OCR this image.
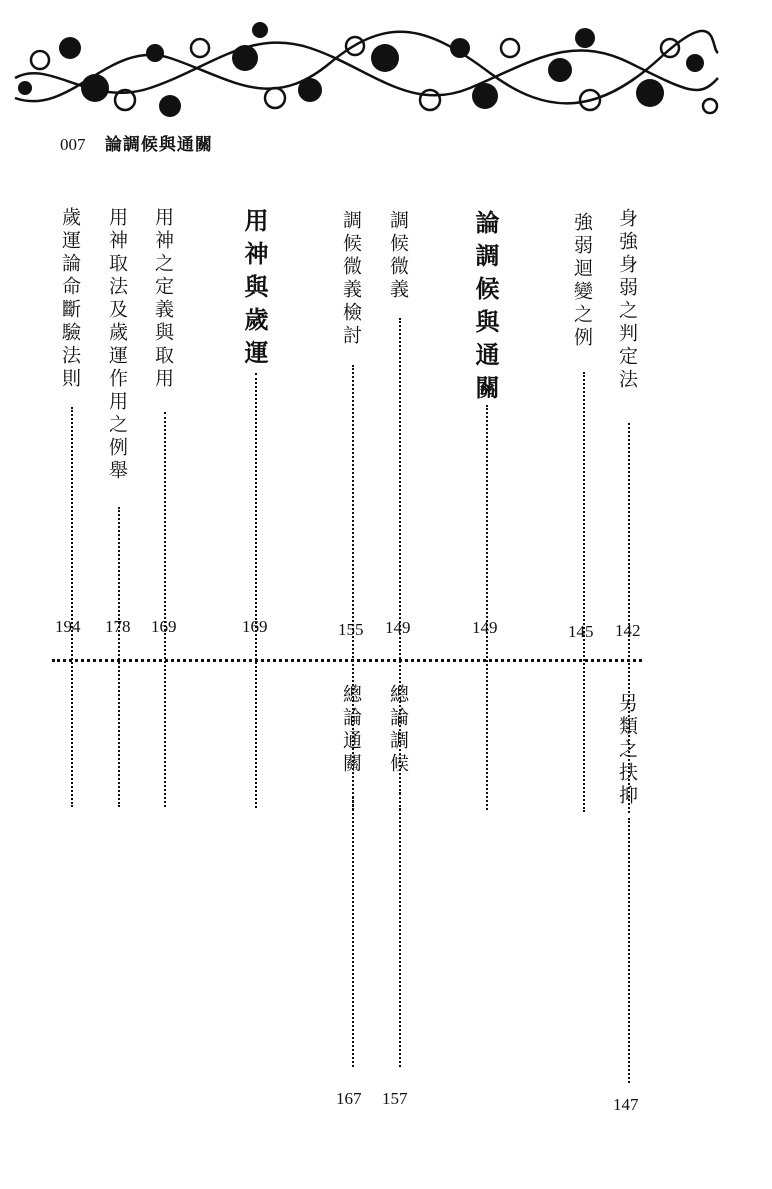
007 論調候與通關
身強身弱之判定法
142
強弱迴變之例
145
論調候與通關
149
調候微義
149
調候微義檢討
155
用神與歲運
169
用神之定義與取用
169
用神取法及歲運作用之例舉
178
歲運論命斷驗法則
194
另類之扶抑
147
總論調候
157
總論通關
167
